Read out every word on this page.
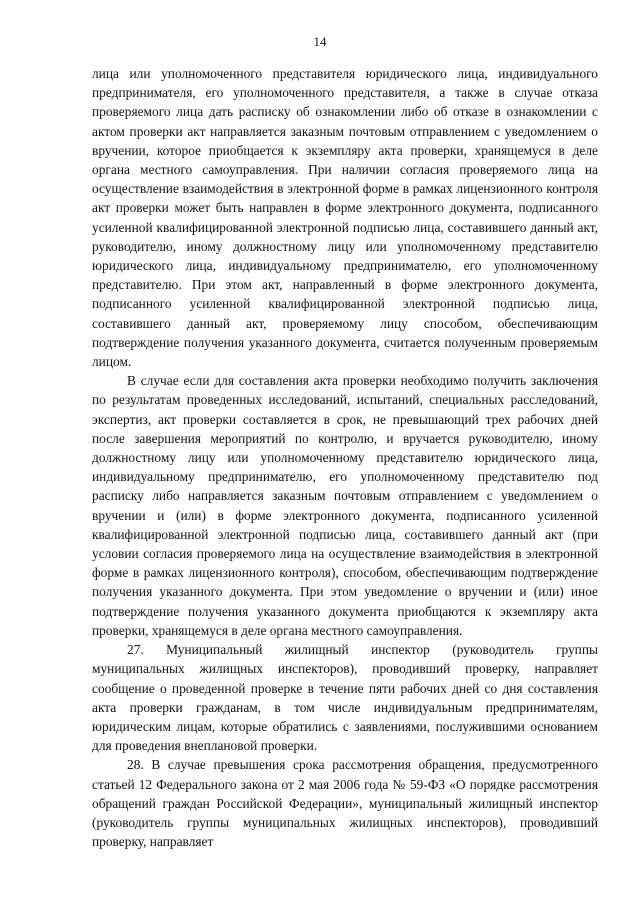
14

лица или уполномоченного представителя юридического лица, индивидуального предпринимателя, его уполномоченного представителя, а также в случае отказа проверяемого лица дать расписку об ознакомлении либо об отказе в ознакомлении с актом проверки акт направляется заказным почтовым отправлением с уведомлением о вручении, которое приобщается к экземпляру акта проверки, хранящемуся в деле органа местного самоуправления. При наличии согласия проверяемого лица на осуществление взаимодействия в электронной форме в рамках лицензионного контроля акт проверки может быть направлен в форме электронного документа, подписанного усиленной квалифицированной электронной подписью лица, составившего данный акт, руководителю, иному должностному лицу или уполномоченному представителю юридического лица, индивидуальному предпринимателю, его уполномоченному представителю. При этом акт, направленный в форме электронного документа, подписанного усиленной квалифицированной электронной подписью лица, составившего данный акт, проверяемому лицу способом, обеспечивающим подтверждение получения указанного документа, считается полученным проверяемым лицом.

В случае если для составления акта проверки необходимо получить заключения по результатам проведенных исследований, испытаний, специальных расследований, экспертиз, акт проверки составляется в срок, не превышающий трех рабочих дней после завершения мероприятий по контролю, и вручается руководителю, иному должностному лицу или уполномоченному представителю юридического лица, индивидуальному предпринимателю, его уполномоченному представителю под расписку либо направляется заказным почтовым отправлением с уведомлением о вручении и (или) в форме электронного документа, подписанного усиленной квалифицированной электронной подписью лица, составившего данный акт (при условии согласия проверяемого лица на осуществление взаимодействия в электронной форме в рамках лицензионного контроля), способом, обеспечивающим подтверждение получения указанного документа. При этом уведомление о вручении и (или) иное подтверждение получения указанного документа приобщаются к экземпляру акта проверки, хранящемуся в деле органа местного самоуправления.

27. Муниципальный жилищный инспектор (руководитель группы муниципальных жилищных инспекторов), проводивший проверку, направляет сообщение о проведенной проверке в течение пяти рабочих дней со дня составления акта проверки гражданам, в том числе индивидуальным предпринимателям, юридическим лицам, которые обратились с заявлениями, послужившими основанием для проведения внеплановой проверки.

28. В случае превышения срока рассмотрения обращения, предусмотренного статьей 12 Федерального закона от 2 мая 2006 года № 59-ФЗ «О порядке рассмотрения обращений граждан Российской Федерации», муниципальный жилищный инспектор (руководитель группы муниципальных жилищных инспекторов), проводивший проверку, направляет
